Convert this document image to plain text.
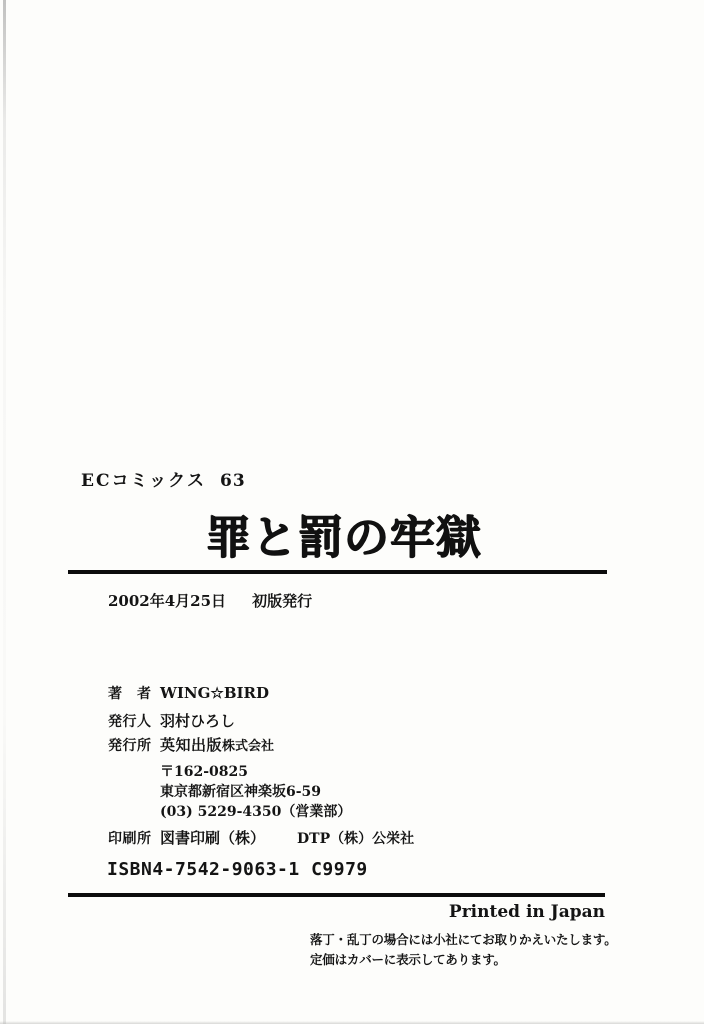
ECコミックス 63
罪と罰の牢獄
2002年4月25日 初版発行
著　者 WING☆BIRD
発行人 羽村ひろし
発行所 英知出版株式会社
〒162-0825
東京都新宿区神楽坂6-59
(03) 5229-4350（営業部）
印刷所 図書印刷（株） DTP（株）公栄社
ISBN4-7542-9063-1 C9979
Printed in Japan
落丁・乱丁の場合には小社にてお取りかえいたします。
定価はカバーに表示してあります。
